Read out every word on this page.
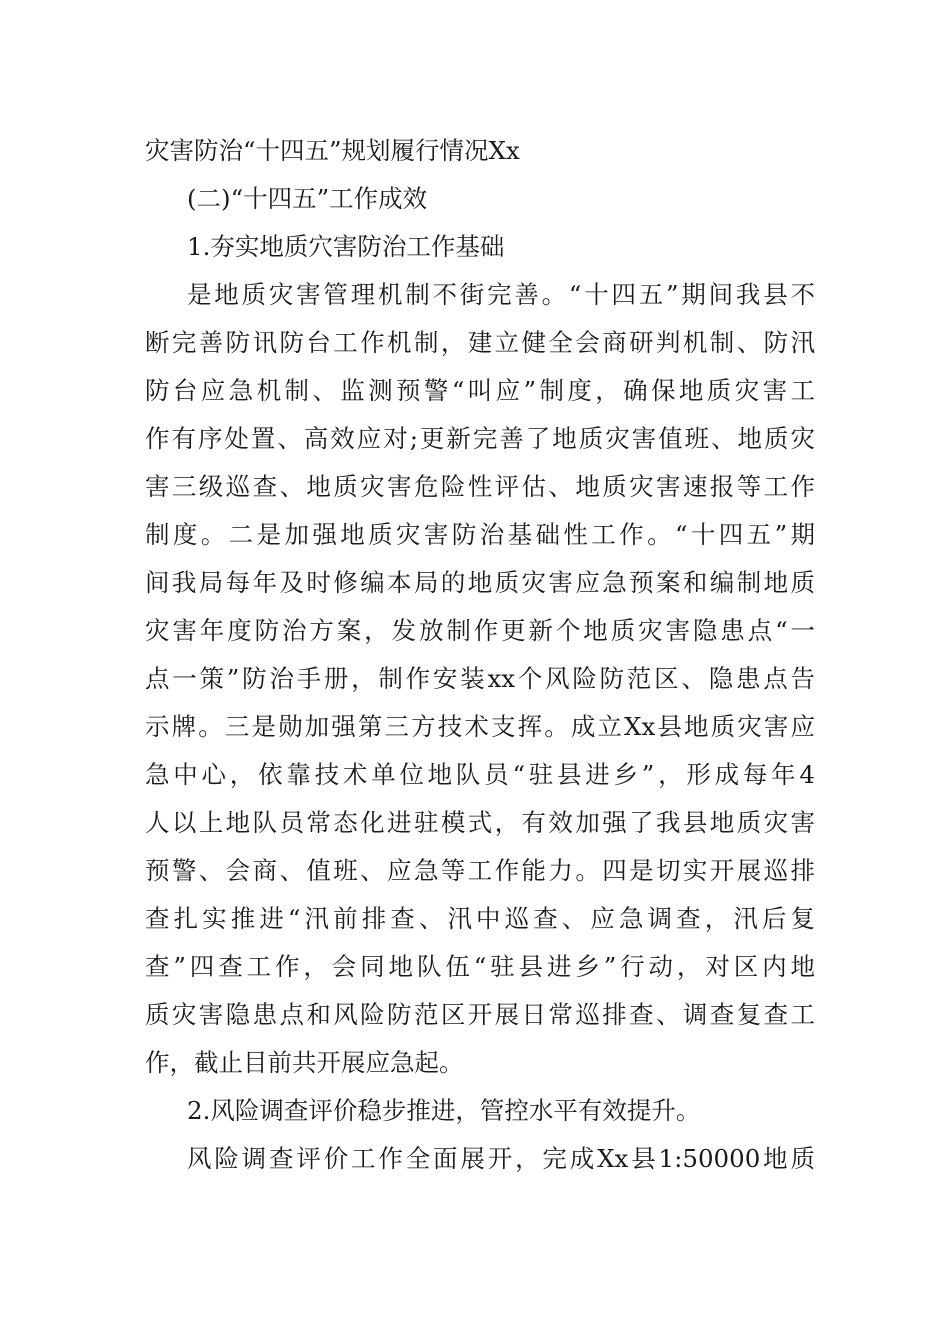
灾害防治“十四五”规划履行情况Xx
(二)“十四五”工作成效
1.夯实地质穴害防治工作基础
是地质灾害管理机制不街完善。“十四五”期间我县不
断完善防讯防台工作机制，建立健全会商研判机制、防汛
防台应急机制、监测预警“叫应”制度，确保地质灾害工
作有序处置、高效应对;更新完善了地质灾害值班、地质灾
害三级巡查、地质灾害危险性评估、地质灾害速报等工作
制度。二是加强地质灾害防治基础性工作。“十四五”期
间我局每年及时修编本局的地质灾害应急预案和编制地质
灾害年度防治方案，发放制作更新个地质灾害隐患点“一
点一策”防治手册，制作安装xx个风险防范区、隐患点告
示牌。三是勋加强第三方技术支挥。成立Xx县地质灾害应
急中心，依靠技术单位地队员“驻县进乡”，形成每年4
人以上地队员常态化进驻模式，有效加强了我县地质灾害
预警、会商、值班、应急等工作能力。四是切实开展巡排
查扎实推进“汛前排查、汛中巡查、应急调查，汛后复
查”四查工作，会同地队伍“驻县进乡”行动，对区内地
质灾害隐患点和风险防范区开展日常巡排查、调查复查工
作，截止目前共开展应急起。
2.风险调查评价稳步推进，管控水平有效提升。
风险调查评价工作全面展开，完成Xx县1:50000地质
